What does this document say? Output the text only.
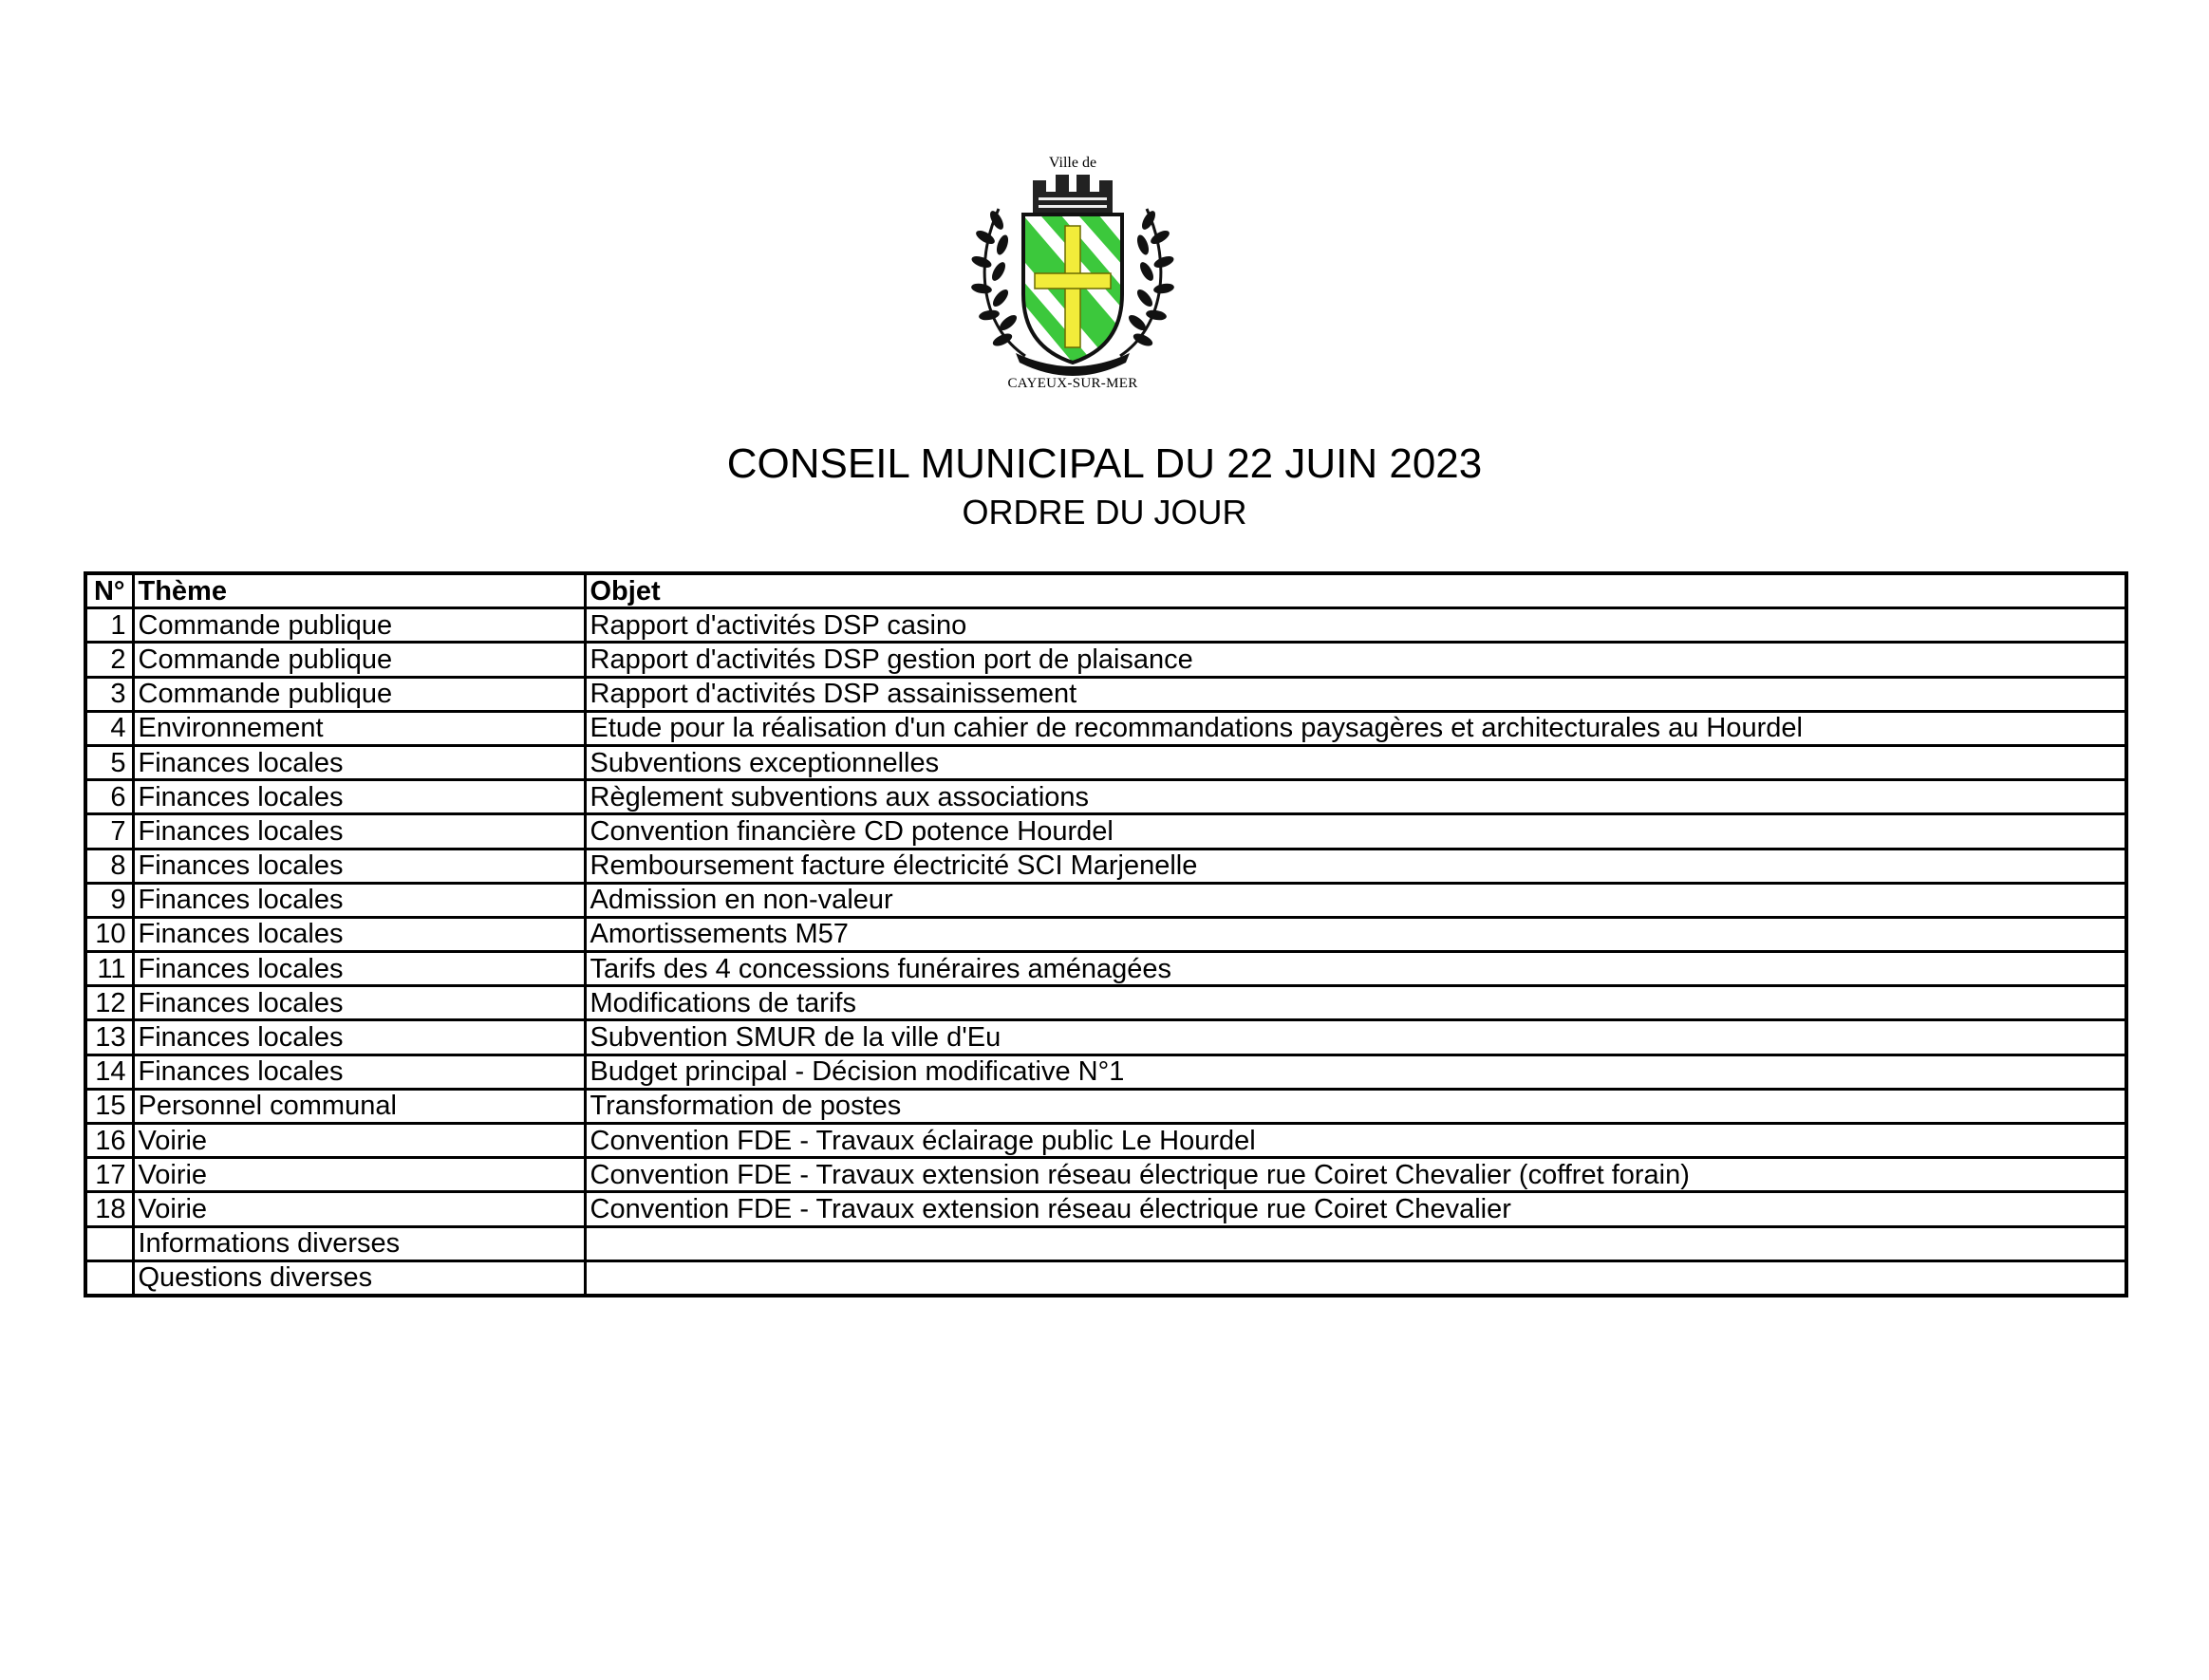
Ville de
CAYEUX-SUR-MER
CONSEIL MUNICIPAL DU 22 JUIN 2023
ORDRE DU JOUR
N°	Thème	Objet
1	Commande publique	Rapport d'activités DSP casino
2	Commande publique	Rapport d'activités DSP gestion port de plaisance
3	Commande publique	Rapport d'activités DSP assainissement
4	Environnement	Etude pour la réalisation d'un cahier de recommandations paysagères et architecturales au Hourdel
5	Finances locales	Subventions exceptionnelles
6	Finances locales	Règlement subventions aux associations
7	Finances locales	Convention financière CD potence Hourdel
8	Finances locales	Remboursement facture électricité SCI Marjenelle
9	Finances locales	Admission en non-valeur
10	Finances locales	Amortissements M57
11	Finances locales	Tarifs des 4 concessions funéraires aménagées
12	Finances locales	Modifications de tarifs
13	Finances locales	Subvention SMUR de la ville d'Eu
14	Finances locales	Budget principal - Décision modificative N°1
15	Personnel communal	Transformation de postes
16	Voirie	Convention FDE - Travaux éclairage public Le Hourdel
17	Voirie	Convention FDE - Travaux extension réseau électrique rue Coiret Chevalier (coffret forain)
18	Voirie	Convention FDE - Travaux extension réseau électrique rue Coiret Chevalier
	Informations diverses	
	Questions diverses	
